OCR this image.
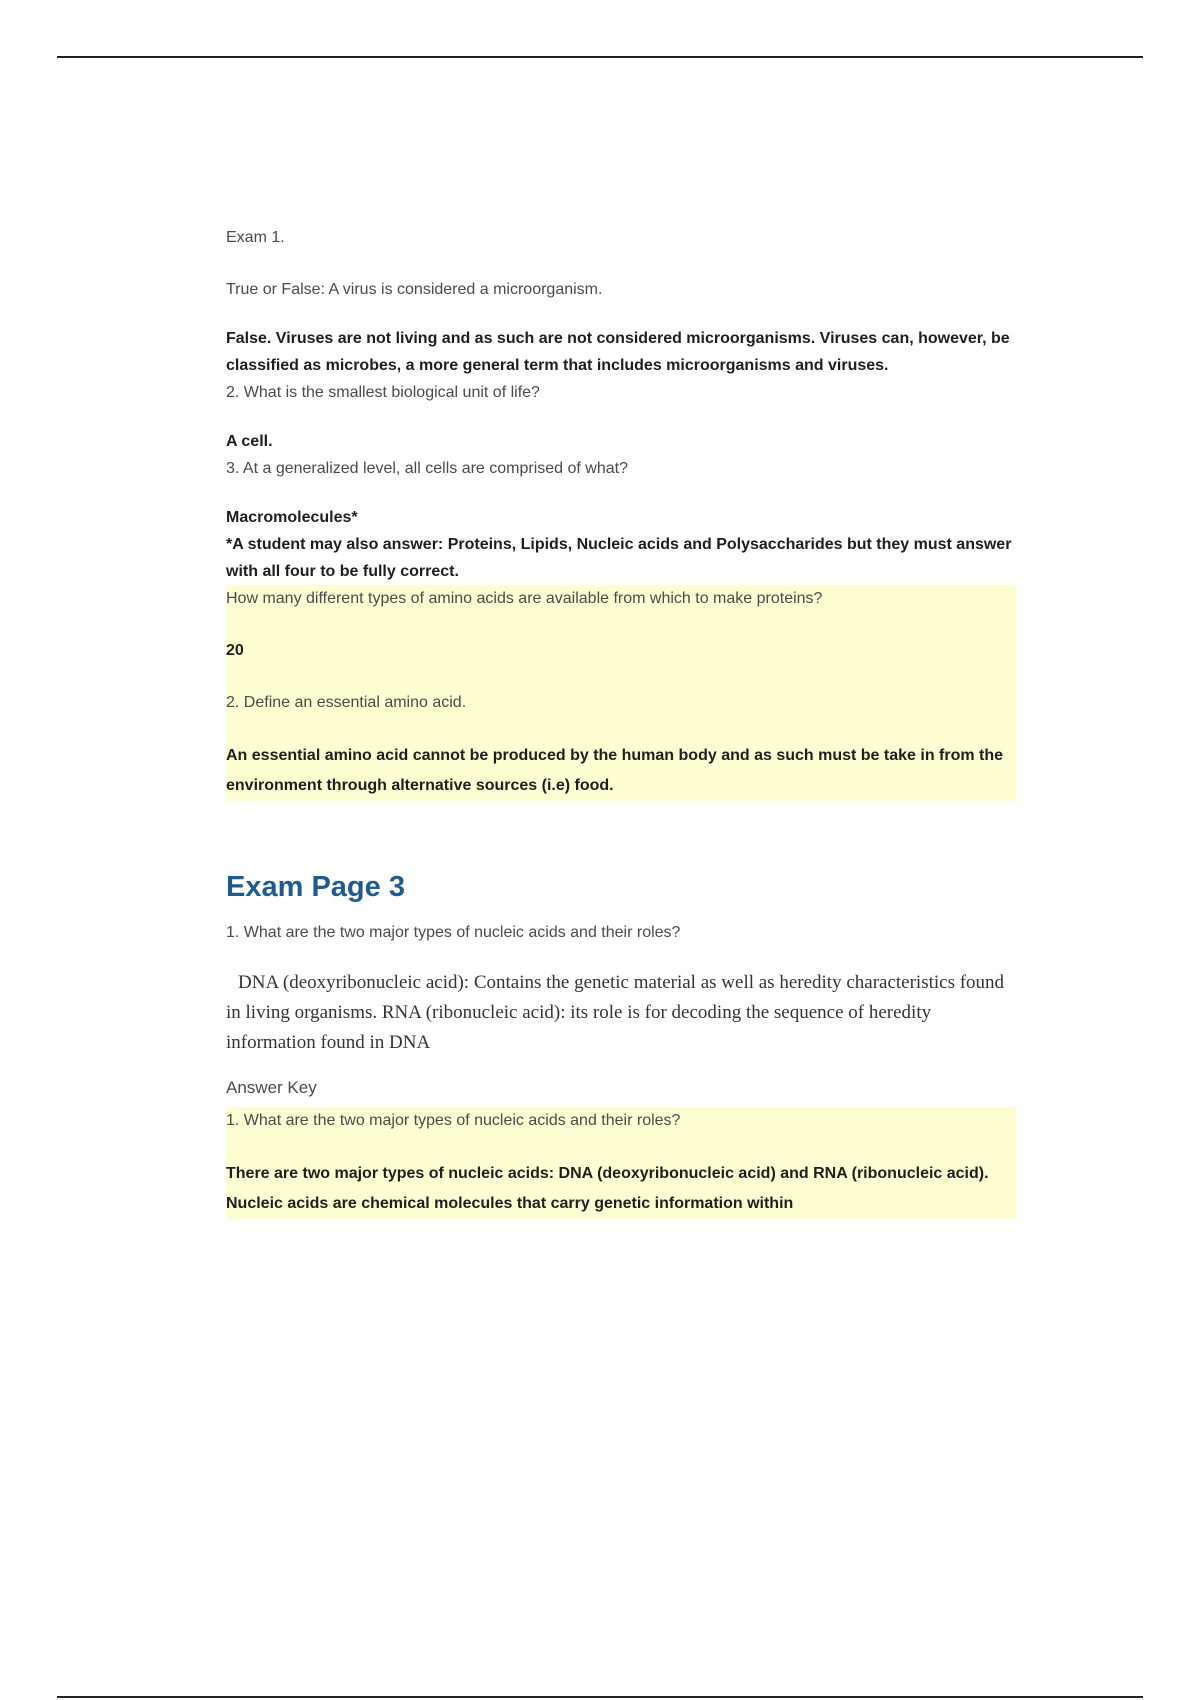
Exam 1.

True or False: A virus is considered a microorganism.

False. Viruses are not living and as such are not considered microorganisms. Viruses can, however, be classified as microbes, a more general term that includes microorganisms and viruses.

2. What is the smallest biological unit of life?

A cell.

3. At a generalized level, all cells are comprised of what?

Macromolecules*

*A student may also answer: Proteins, Lipids, Nucleic acids and Polysaccharides but they must answer with all four to be fully correct.

How many different types of amino acids are available from which to make proteins?

20

2. Define an essential amino acid.

An essential amino acid cannot be produced by the human body and as such must be take in from the environment through alternative sources (i.e) food.

Exam Page 3

1. What are the two major types of nucleic acids and their roles?

DNA (deoxyribonucleic acid): Contains the genetic material as well as heredity characteristics found in living organisms. RNA (ribonucleic acid): its role is for decoding the sequence of heredity information found in DNA

Answer Key

1. What are the two major types of nucleic acids and their roles?

There are two major types of nucleic acids: DNA (deoxyribonucleic acid) and RNA (ribonucleic acid). Nucleic acids are chemical molecules that carry genetic information within
